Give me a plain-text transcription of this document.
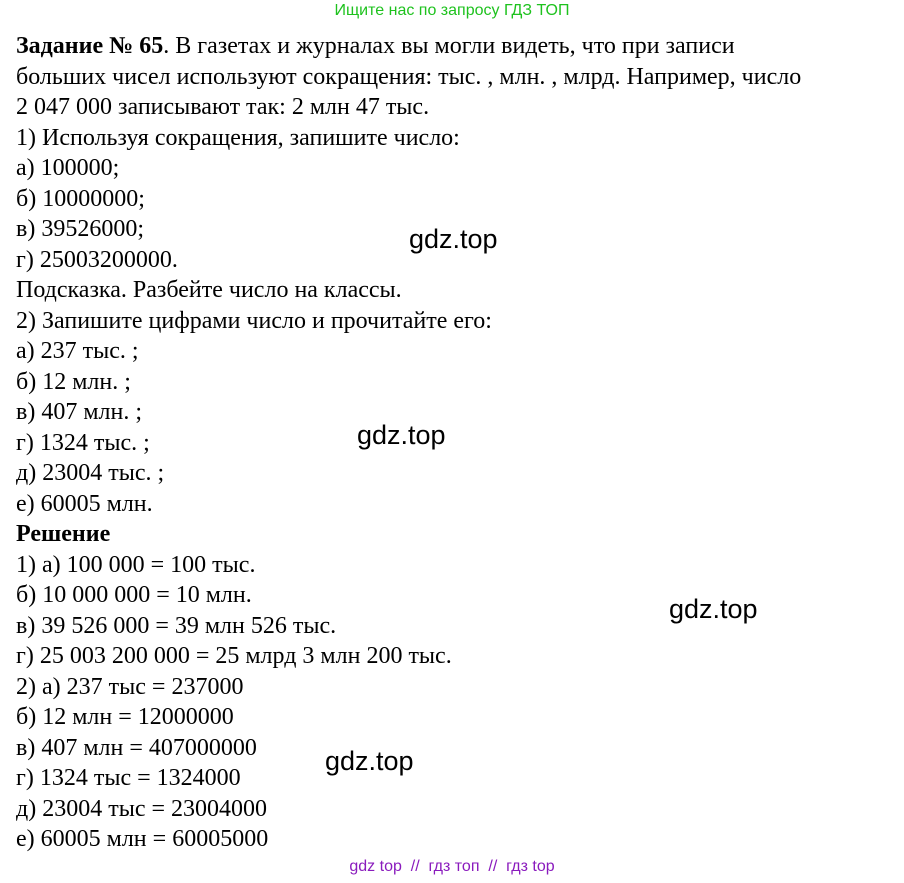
Ищите нас по запросу ГДЗ ТОП
Задание № 65. В газетах и журналах вы могли видеть, что при записи
больших чисел используют сокращения: тыс. , млн. , млрд. Например, число
2 047 000 записывают так: 2 млн 47 тыс.
1) Используя сокращения, запишите число:
а) 100000;
б) 10000000;
в) 39526000;
г) 25003200000.
Подсказка. Разбейте число на классы.
2) Запишите цифрами число и прочитайте его:
а) 237 тыс. ;
б) 12 млн. ;
в) 407 млн. ;
г) 1324 тыс. ;
д) 23004 тыс. ;
е) 60005 млн.
Решение
1) а) 100 000 = 100 тыс.
б) 10 000 000 = 10 млн.
в) 39 526 000 = 39 млн 526 тыс.
г) 25 003 200 000 = 25 млрд 3 млн 200 тыс.
2) а) 237 тыс = 237000
б) 12 млн = 12000000
в) 407 млн = 407000000
г) 1324 тыс = 1324000
д) 23004 тыс = 23004000
е) 60005 млн = 60005000
gdz.top
gdz.top
gdz.top
gdz.top
gdz top  //  гдз топ  //  гдз top
